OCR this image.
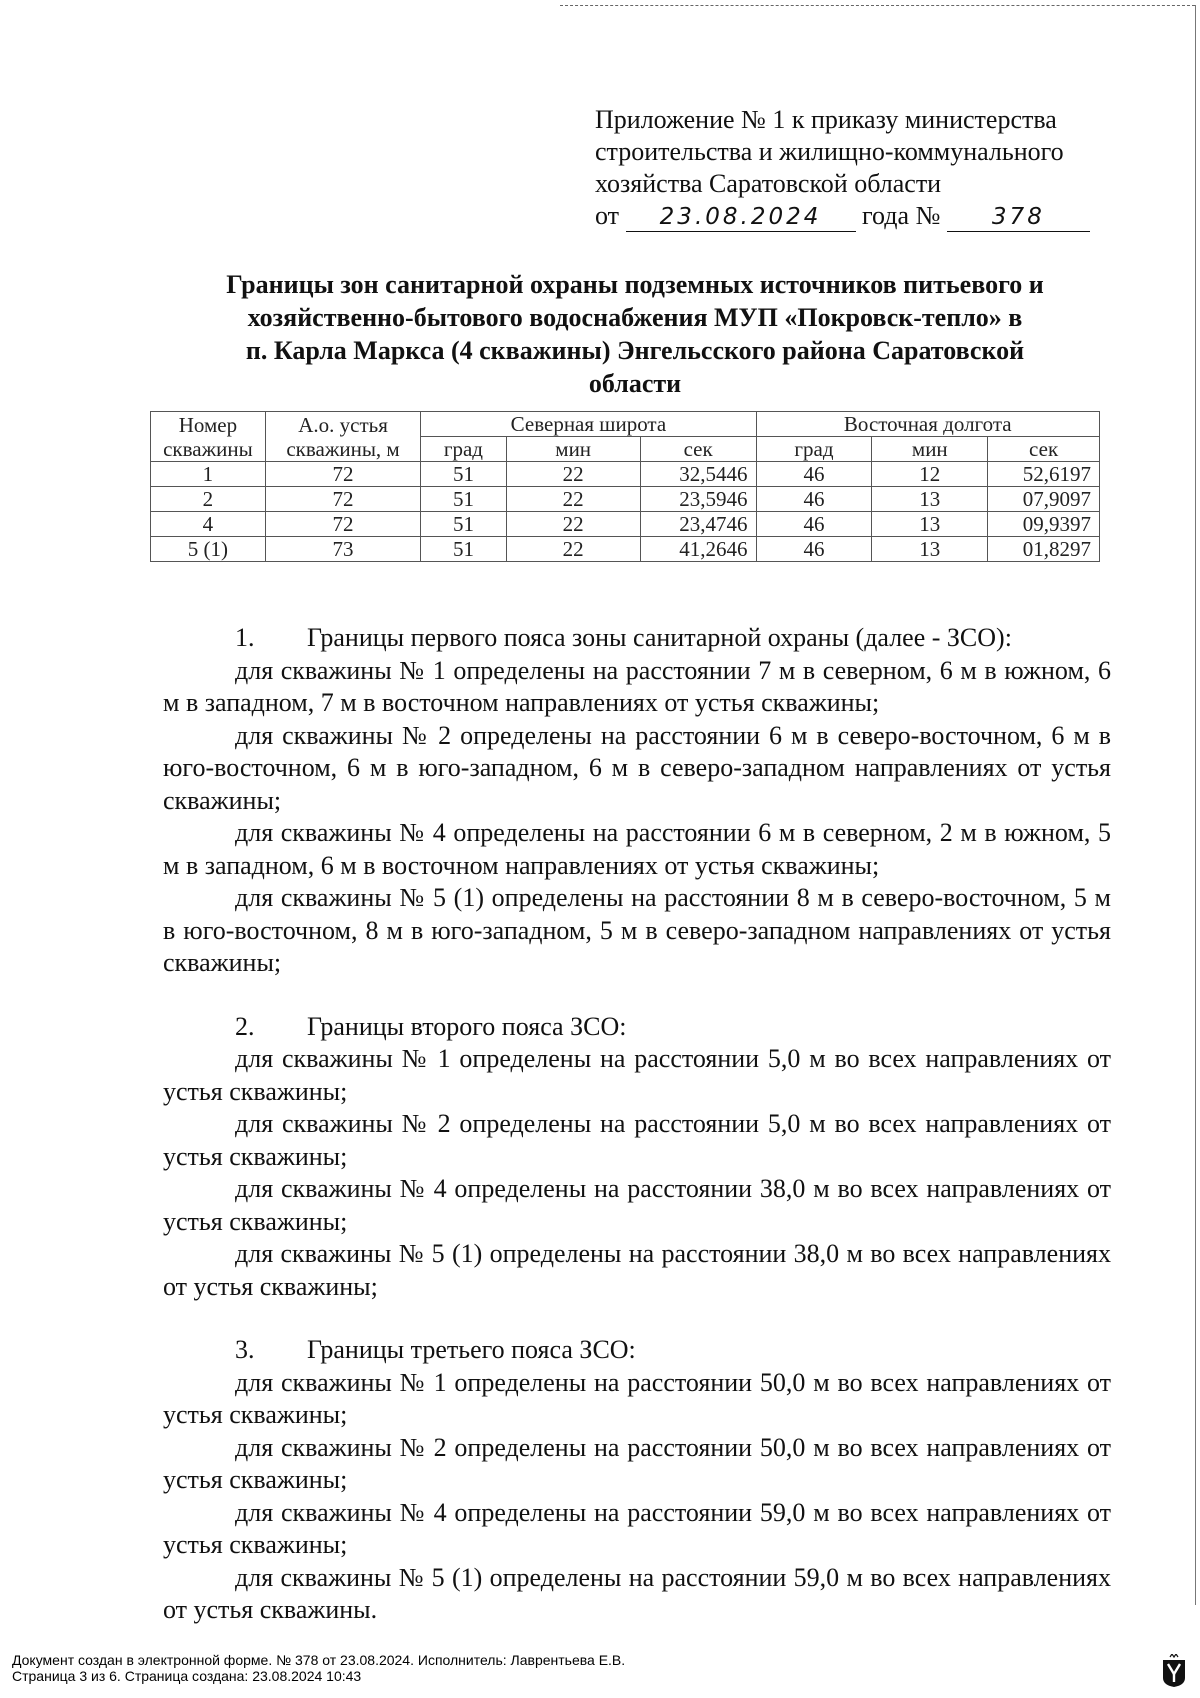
Приложение № 1 к приказу министерства
строительства и жилищно-коммунального
хозяйства Саратовской области
от 23.08.2024 года № 378
Границы зон санитарной охраны подземных источников питьевого и
хозяйственно-бытового водоснабжения МУП «Покровск-тепло» в
п. Карла Маркса (4 скважины) Энгельсского района Саратовской
области
Номер скважины	А.о. устья скважины, м	Северная широта			Восточная долгота		
		град	мин	сек	град	мин	сек
1	72	51	22	32,5446	46	12	52,6197
2	72	51	22	23,5946	46	13	07,9097
4	72	51	22	23,4746	46	13	09,9397
5 (1)	73	51	22	41,2646	46	13	01,8297

1. Границы первого пояса зоны санитарной охраны (далее - ЗСО):

для скважины № 1 определены на расстоянии 7 м в северном, 6 м в южном, 6 м в западном, 7 м в восточном направлениях от устья скважины;

для скважины № 2 определены на расстоянии 6 м в северо-восточном, 6 м в юго-восточном, 6 м в юго-западном, 6 м в северо-западном направлениях от устья скважины;

для скважины № 4 определены на расстоянии 6 м в северном, 2 м в южном, 5 м в западном, 6 м в восточном направлениях от устья скважины;

для скважины № 5 (1) определены на расстоянии 8 м в северо-восточном, 5 м в юго-восточном, 8 м в юго-западном, 5 м в северо-западном направлениях от устья скважины;

2. Границы второго пояса ЗСО:

для скважины № 1 определены на расстоянии 5,0 м во всех направлениях от устья скважины;

для скважины № 2 определены на расстоянии 5,0 м во всех направлениях от устья скважины;

для скважины № 4 определены на расстоянии 38,0 м во всех направлениях от устья скважины;

для скважины № 5 (1) определены на расстоянии 38,0 м во всех направлениях от устья скважины;

3. Границы третьего пояса ЗСО:

для скважины № 1 определены на расстоянии 50,0 м во всех направлениях от устья скважины;

для скважины № 2 определены на расстоянии 50,0 м во всех направлениях от устья скважины;

для скважины № 4 определены на расстоянии 59,0 м во всех направлениях от устья скважины;

для скважины № 5 (1) определены на расстоянии 59,0 м во всех направлениях от устья скважины.

Документ создан в электронной форме. № 378 от 23.08.2024. Исполнитель: Лаврентьева Е.В.
Страница 3 из 6. Страница создана: 23.08.2024 10:43
